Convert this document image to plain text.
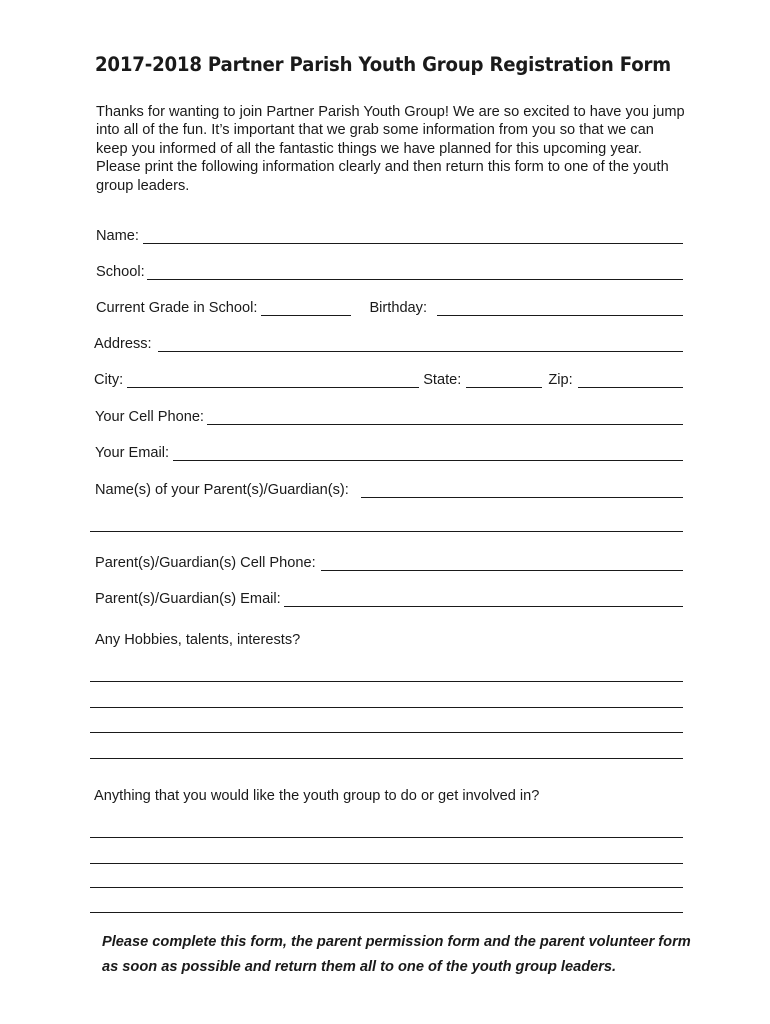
2017-2018 Partner Parish Youth Group Registration Form

Thanks for wanting to join Partner Parish Youth Group! We are so excited to have you jump into all of the fun. It’s important that we grab some information from you so that we can keep you informed of all the fantastic things we have planned for this upcoming year. Please print the following information clearly and then return this form to one of the youth group leaders.

Name:
School:
Current Grade in School:	Birthday:
Address:
City:	State:	Zip:
Your Cell Phone:
Your Email:
Name(s) of your Parent(s)/Guardian(s):
Parent(s)/Guardian(s) Cell Phone:
Parent(s)/Guardian(s) Email:

Any Hobbies, talents, interests?

Anything that you would like the youth group to do or get involved in?

Please complete this form, the parent permission form and the parent volunteer form as soon as possible and return them all to one of the youth group leaders.
